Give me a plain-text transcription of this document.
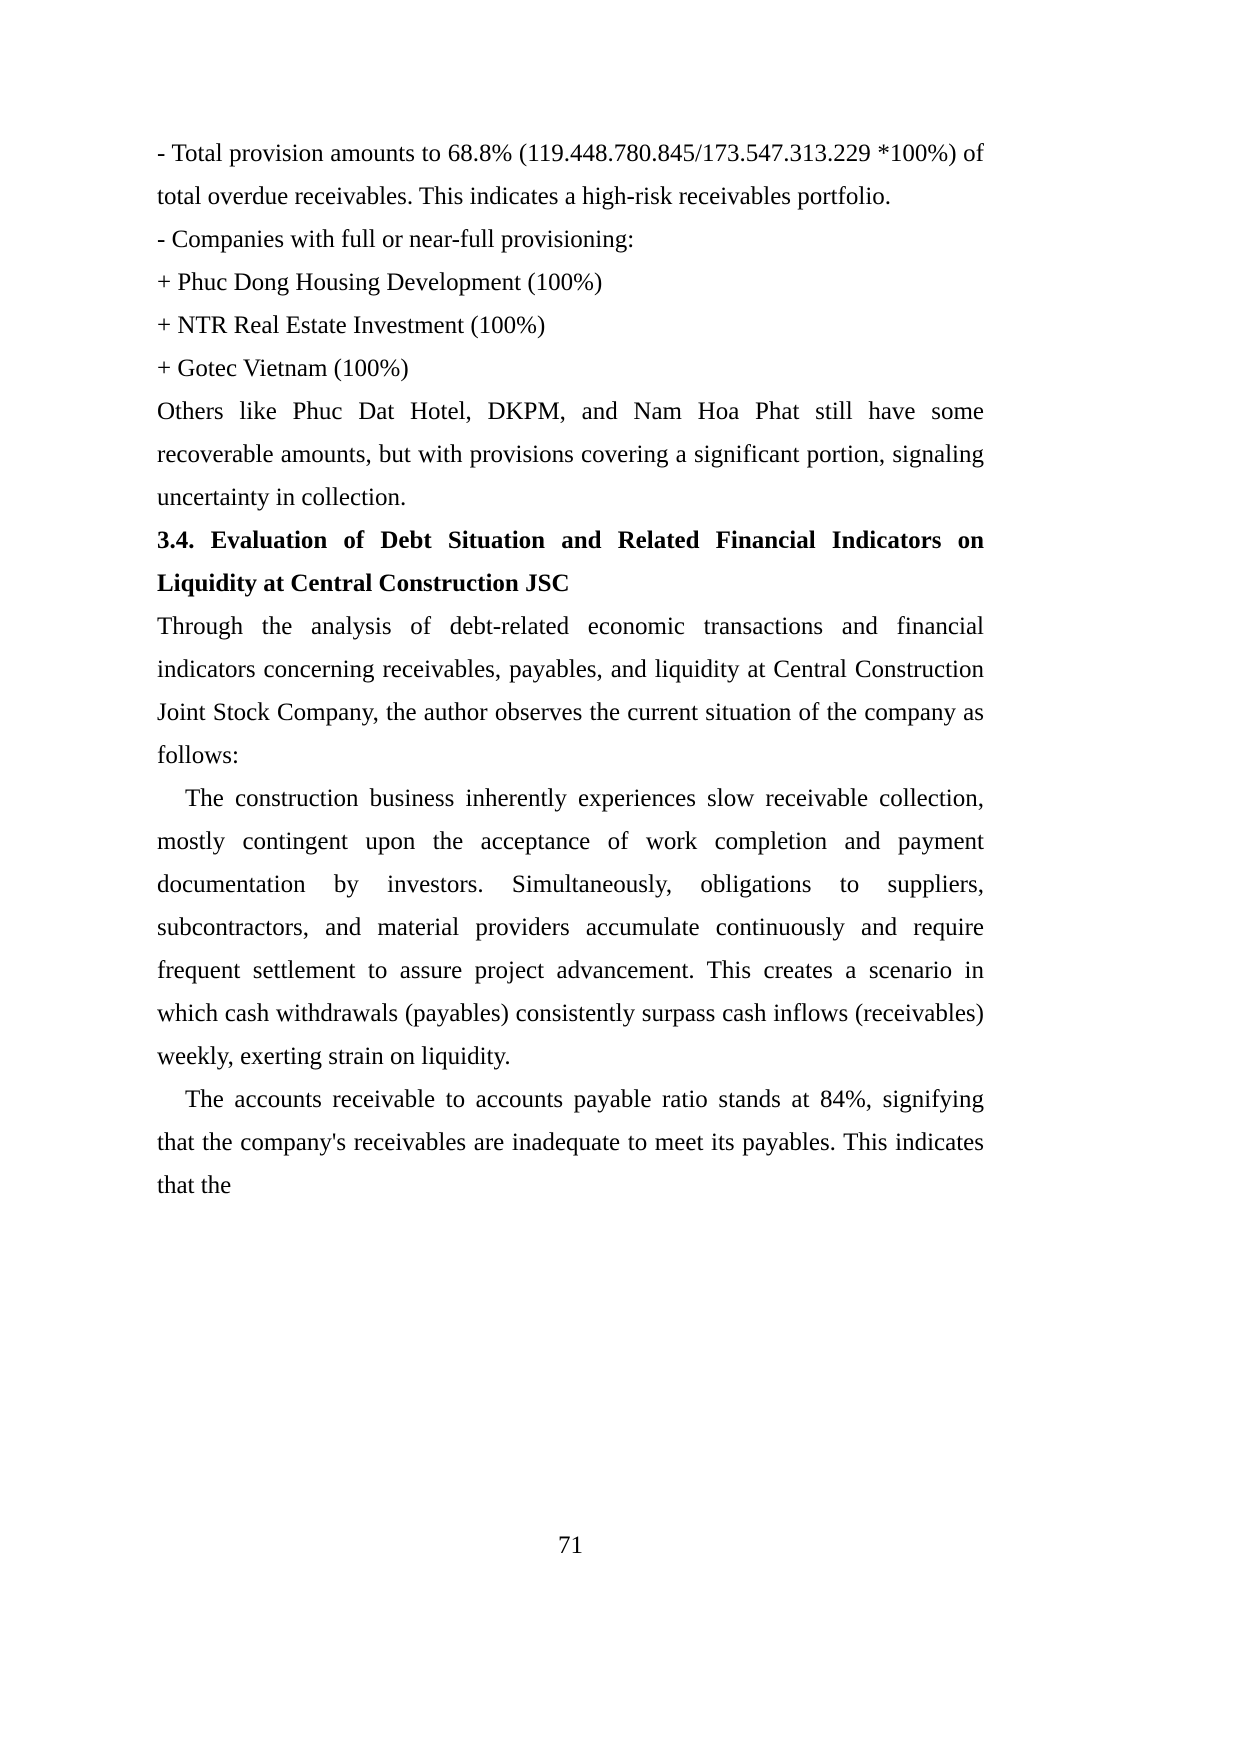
- Total provision amounts to 68.8% (119.448.780.845/173.547.313.229 *100%) of total overdue receivables. This indicates a high-risk receivables portfolio.

- Companies with full or near-full provisioning:

+ Phuc Dong Housing Development (100%)

+ NTR Real Estate Investment (100%)

+ Gotec Vietnam (100%)

Others like Phuc Dat Hotel, DKPM, and Nam Hoa Phat still have some recoverable amounts, but with provisions covering a significant portion, signaling uncertainty in collection.

3.4. Evaluation of Debt Situation and Related Financial Indicators on Liquidity at Central Construction JSC

Through the analysis of debt-related economic transactions and financial indicators concerning receivables, payables, and liquidity at Central Construction Joint Stock Company, the author observes the current situation of the company as follows:

The construction business inherently experiences slow receivable collection, mostly contingent upon the acceptance of work completion and payment documentation by investors. Simultaneously, obligations to suppliers, subcontractors, and material providers accumulate continuously and require frequent settlement to assure project advancement. This creates a scenario in which cash withdrawals (payables) consistently surpass cash inflows (receivables) weekly, exerting strain on liquidity.

The accounts receivable to accounts payable ratio stands at 84%, signifying that the company's receivables are inadequate to meet its payables. This indicates that the

71
